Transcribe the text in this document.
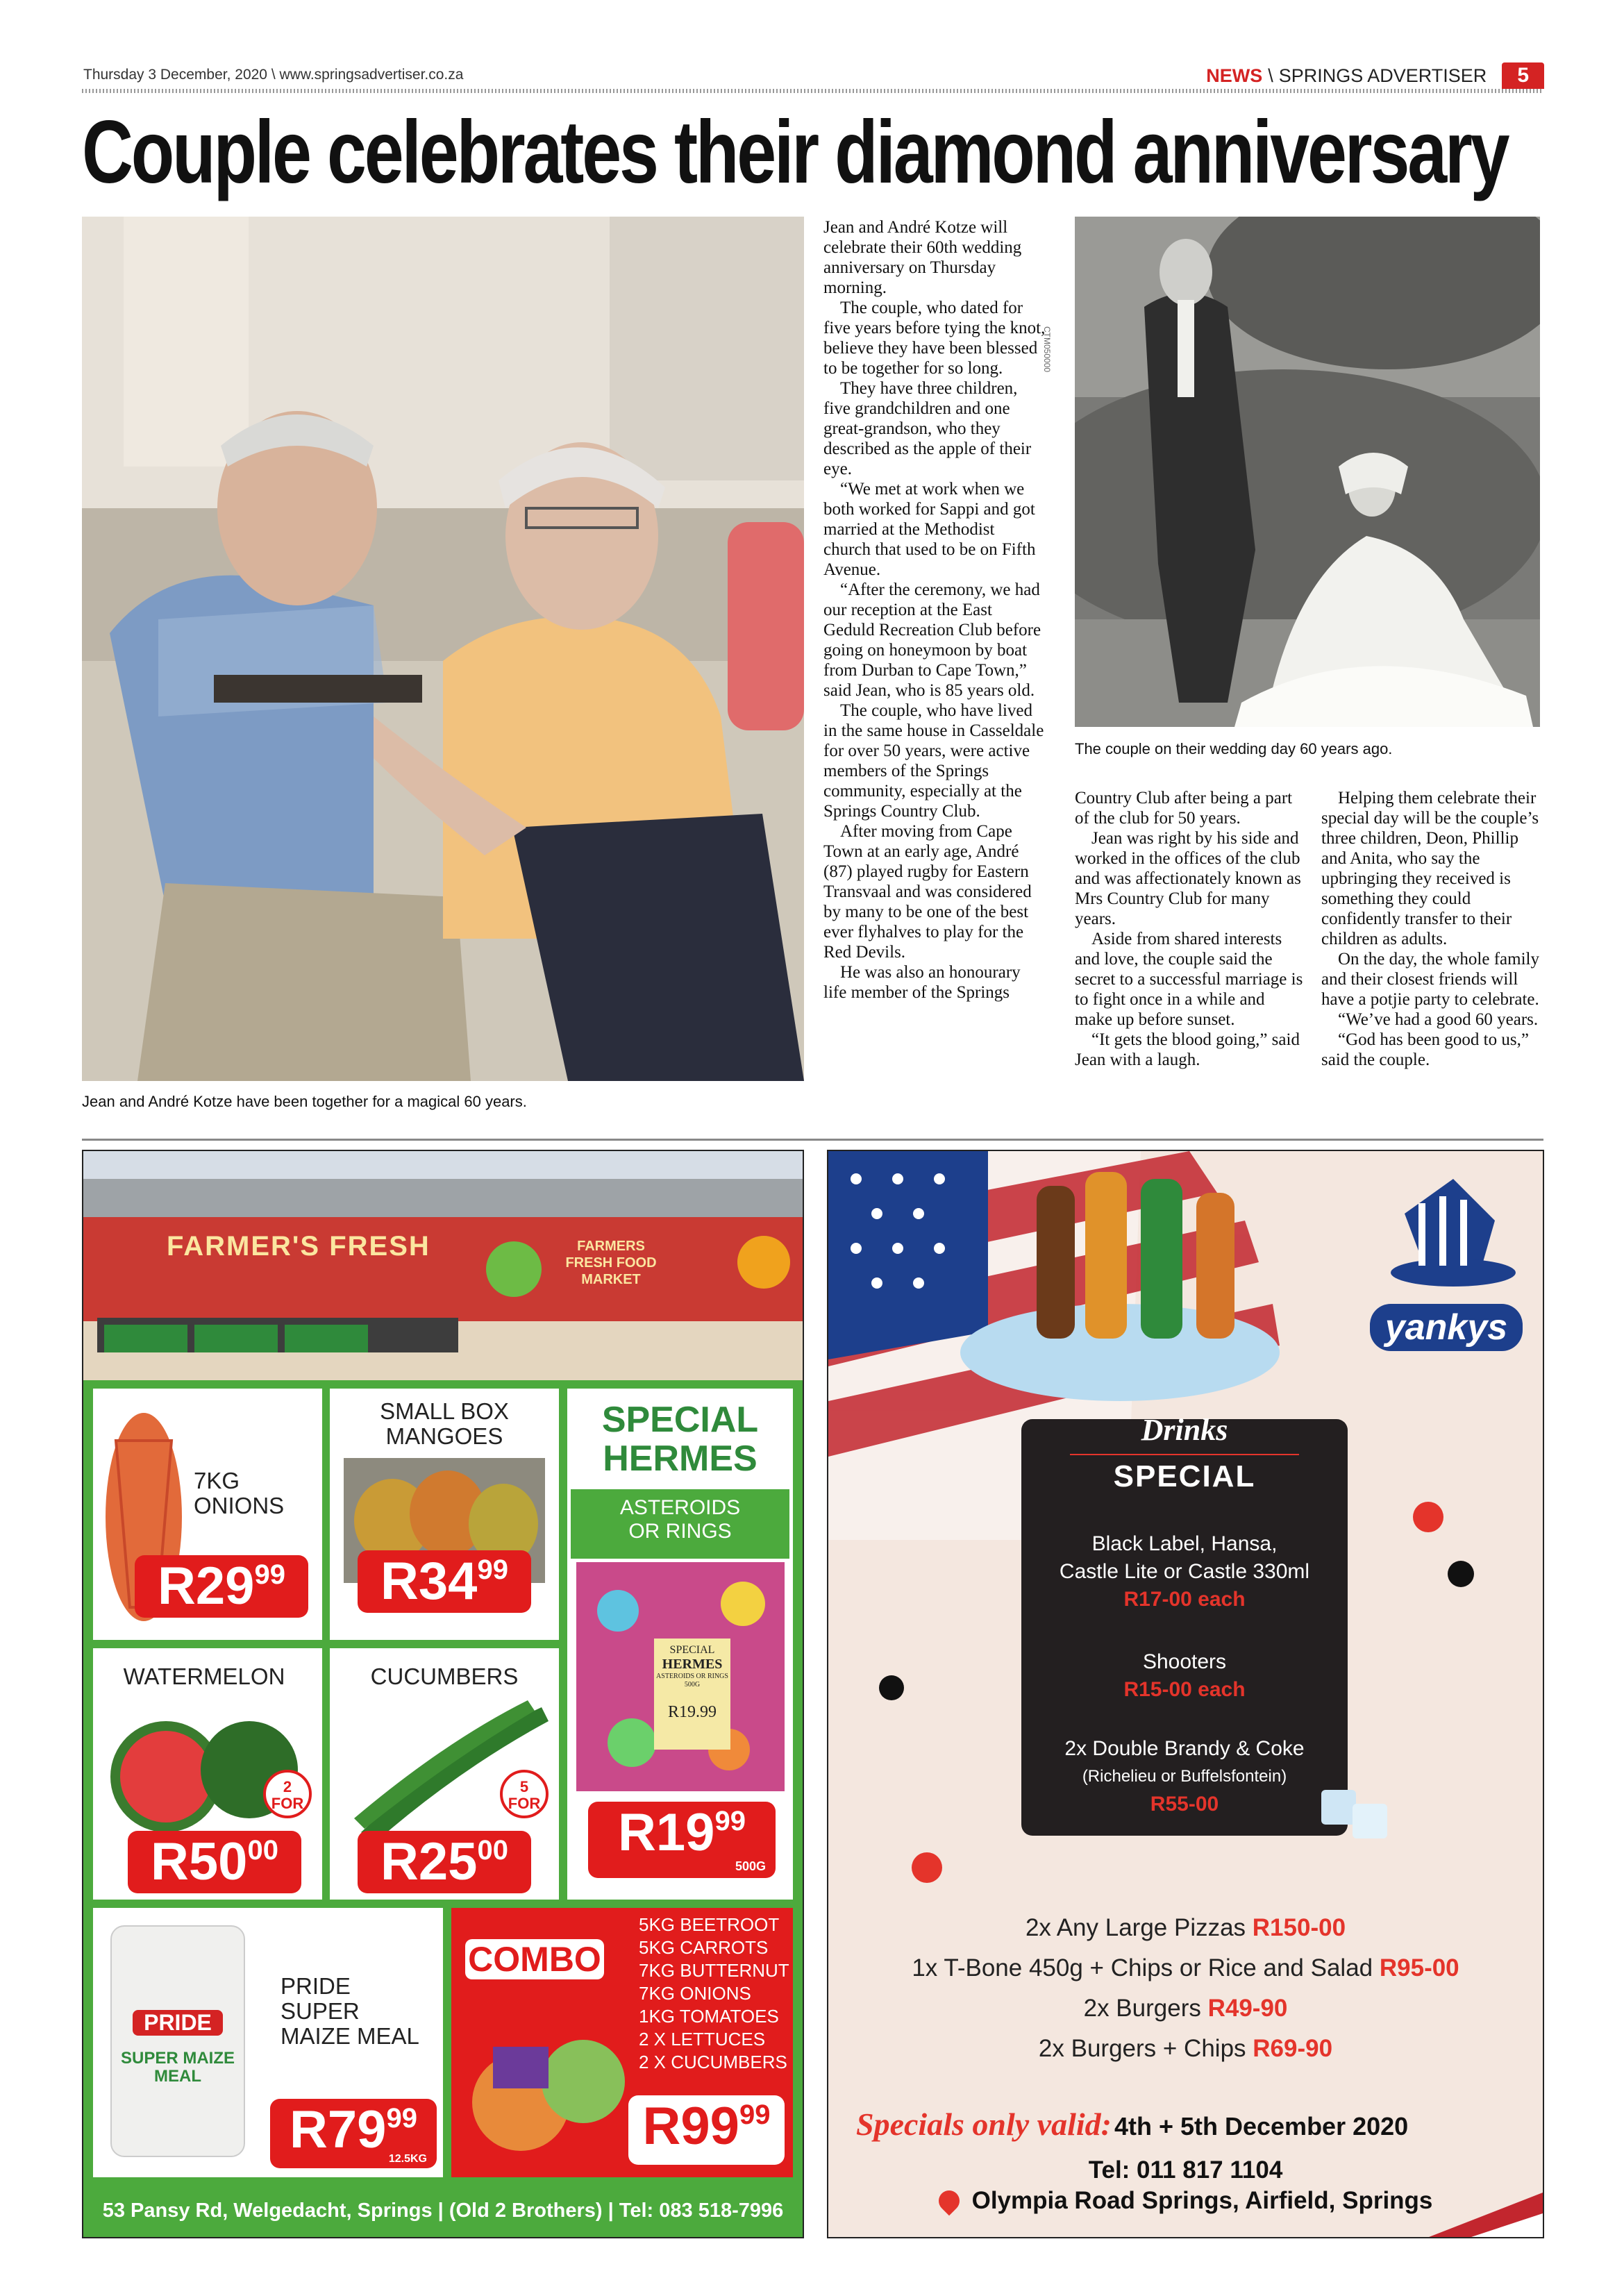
Thursday 3 December, 2020 \ www.springsadvertiser.co.za	NEWS \ SPRINGS ADVERTISER	5
Couple celebrates their diamond anniversary
Jean and André Kotze have been together for a magical 60 years.

Jean and André Kotze will celebrate their 60th wedding anniversary on Thursday morning.

The couple, who dated for five years before tying the knot, believe they have been blessed to be together for so long.

They have three children, five grandchildren and one great-grandson, who they described as the apple of their eye.

“We met at work when we both worked for Sappi and got married at the Methodist church that used to be on Fifth Avenue.

“After the ceremony, we had our reception at the East Geduld Recreation Club before going on honeymoon by boat from Durban to Cape Town,” said Jean, who is 85 years old.

The couple, who have lived in the same house in Casseldale for over 50 years, were active members of the Springs community, especially at the Springs Country Club.

After moving from Cape Town at an early age, André (87) played rugby for Eastern Transvaal and was considered by many to be one of the best ever flyhalves to play for the Red Devils.

He was also an honourary life member of the Springs

CTM050000
The couple on their wedding day 60 years ago.

Country Club after being a part of the club for 50 years.

Jean was right by his side and worked in the offices of the club and was affectionately known as Mrs Country Club for many years.

Aside from shared interests and love, the couple said the secret to a successful marriage is to fight once in a while and make up before sunset.

“It gets the blood going,” said Jean with a laugh.

Helping them celebrate their special day will be the couple’s three children, Deon, Phillip and Anita, who say the upbringing they received is something they could confidently transfer to their children as adults.

On the day, the whole family and their closest friends will have a potjie party to celebrate.

“We’ve had a good 60 years.

“God has been good to us,” said the couple.

FARMER'S FRESH	FARMERS FRESH FOOD MARKET
7KG ONIONS
$R29^{99}$
SMALL BOX MANGOES
$R34^{99}$
WATERMELON
2 FOR
$R50^{00}$
CUCUMBERS
5 FOR
$R25^{00}$
SPECIAL
HERMES
ASTEROIDS OR RINGS
SPECIAL
HERMES
ASTEROIDS OR RINGS 500G
R19.99
$R19^{99}$
500G
PRIDE
SUPER MAIZE MEAL
PRIDE SUPER MAIZE MEAL
$R79^{99}$
12.5KG
COMBO
5KG BEETROOT
5KG CARROTS
7KG BUTTERNUT
7KG ONIONS
1KG TOMATOES
2 X LETTUCES
2 X CUCUMBERS
$R99^{99}$
53 Pansy Rd, Welgedacht, Springs | (Old 2 Brothers) | Tel: 083 518-7996
yankys
Drinks
SPECIAL
Black Label, Hansa,
Castle Lite or Castle 330ml
R17-00 each
Shooters
R15-00 each
2x Double Brandy & Coke
(Richelieu or Buffelsfontein)
R55-00
2x Any Large Pizzas R150-00
1x T-Bone 450g + Chips or Rice and Salad R95-00
2x Burgers R49-90
2x Burgers + Chips R69-90
Specials only valid: 4th + 5th December 2020
Tel: 011 817 1104
Olympia Road Springs, Airfield, Springs
